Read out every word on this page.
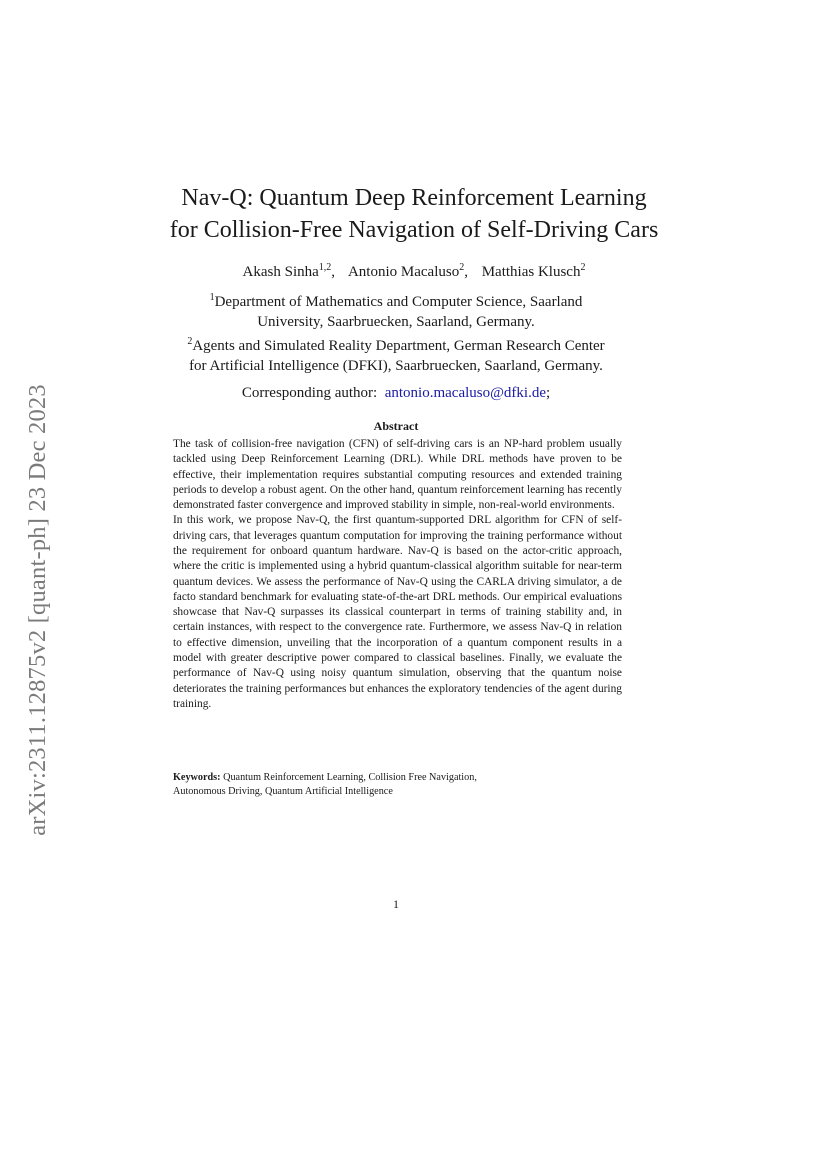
arXiv:2311.12875v2 [quant-ph] 23 Dec 2023
Nav-Q: Quantum Deep Reinforcement Learning
for Collision-Free Navigation of Self-Driving Cars
Akash Sinha$^{1,2}$, Antonio Macaluso$^2$, Matthias Klusch$^2$
$^1$Department of Mathematics and Computer Science, Saarland
University, Saarbruecken, Saarland, Germany.
$^2$Agents and Simulated Reality Department, German Research Center
for Artificial Intelligence (DFKI), Saarbruecken, Saarland, Germany.
Corresponding author: antonio.macaluso@dfki.de;
Abstract

The task of collision-free navigation (CFN) of self-driving cars is an NP-hard problem usually tackled using Deep Reinforcement Learning (DRL). While DRL methods have proven to be effective, their implementation requires substantial computing resources and extended training periods to develop a robust agent. On the other hand, quantum reinforcement learning has recently demonstrated faster convergence and improved stability in simple, non-real-world environments.

In this work, we propose Nav-Q, the first quantum-supported DRL algorithm for CFN of self-driving cars, that leverages quantum computation for improving the training performance without the requirement for onboard quantum hardware. Nav-Q is based on the actor-critic approach, where the critic is implemented using a hybrid quantum-classical algorithm suitable for near-term quantum devices. We assess the performance of Nav-Q using the CARLA driving simulator, a de facto standard benchmark for evaluating state-of-the-art DRL methods. Our empirical evaluations showcase that Nav-Q surpasses its classical counterpart in terms of training stability and, in certain instances, with respect to the convergence rate. Furthermore, we assess Nav-Q in relation to effective dimension, unveiling that the incorporation of a quantum component results in a model with greater descriptive power compared to classical baselines. Finally, we evaluate the performance of Nav-Q using noisy quantum simulation, observing that the quantum noise deteriorates the training performances but enhances the exploratory tendencies of the agent during training.

Keywords: Quantum Reinforcement Learning, Collision Free Navigation,
Autonomous Driving, Quantum Artificial Intelligence
1
